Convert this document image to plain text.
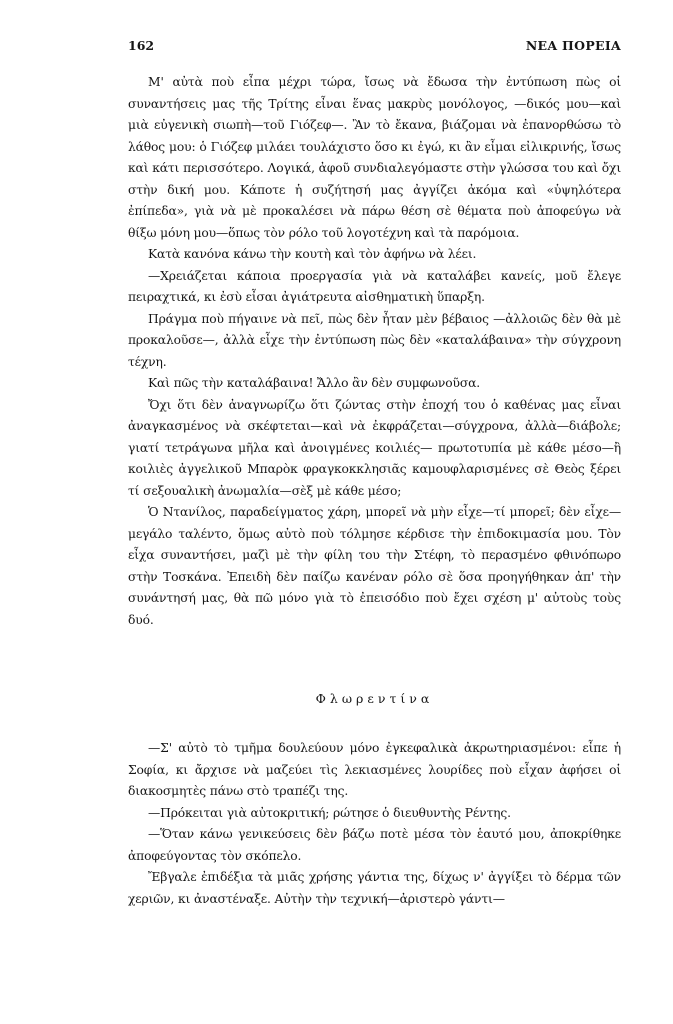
162	ΝΕΑ ΠΟΡΕΙΑ

Μ' αὐτὰ ποὺ εἶπα μέχρι τώρα, ἴσως νὰ ἔδωσα τὴν ἐντύπωση πὼς οἱ συναντήσεις μας τῆς Τρίτης εἶναι ἕνας μακρὺς μονόλογος, —δικός μου—καὶ μιὰ εὐγενικὴ σιωπὴ—τοῦ Γιόζεφ—. Ἂν τὸ ἔκανα, βιάζομαι νὰ ἐπανορθώσω τὸ λάθος μου: ὁ Γιόζεφ μιλάει τουλάχιστο ὅσο κι ἐγώ, κι ἂν εἶμαι εἰλικρινής, ἴσως καὶ κάτι περισσότερο. Λογικά, ἀφοῦ συνδιαλεγόμαστε στὴν γλώσσα του καὶ ὄχι στὴν δική μου. Κάποτε ἡ συζήτησή μας ἀγγίζει ἀκόμα καὶ «ὑψηλότερα ἐπίπεδα», γιὰ νὰ μὲ προκαλέσει νὰ πάρω θέση σὲ θέματα ποὺ ἀποφεύγω νὰ θίξω μόνη μου—ὅπως τὸν ρόλο τοῦ λογοτέχνη καὶ τὰ παρόμοια.

Κατὰ κανόνα κάνω τὴν κουτὴ καὶ τὸν ἀφήνω νὰ λέει.

—Χρειάζεται κάποια προεργασία γιὰ νὰ καταλάβει κανείς, μοῦ ἔλεγε πειραχτικά, κι ἐσὺ εἶσαι ἀγιάτρευτα αἰσθηματικὴ ὕπαρξη.

Πράγμα ποὺ πήγαινε νὰ πεῖ, πὼς δὲν ἦταν μὲν βέβαιος —ἀλλοιῶς δὲν θὰ μὲ προκαλοῦσε—, ἀλλὰ εἶχε τὴν ἐντύπωση πὼς δὲν «καταλάβαινα» τὴν σύγχρονη τέχνη.

Καὶ πῶς τὴν καταλάβαινα! Ἄλλο ἂν δὲν συμφωνοῦσα.

Ὄχι ὅτι δὲν ἀναγνωρίζω ὅτι ζώντας στὴν ἐποχή του ὁ καθένας μας εἶναι ἀναγκασμένος νὰ σκέφτεται—καὶ νὰ ἐκφράζεται—σύγχρονα, ἀλλὰ—διάβολε; γιατί τετράγωνα μῆλα καὶ ἀνοιγμένες κοιλιές— πρωτοτυπία μὲ κάθε μέσο—ἢ κοιλιὲς ἀγγελικοῦ Μπαρὸκ φραγκοκκλησιᾶς καμουφλαρισμένες σὲ Θεὸς ξέρει τί σεξουαλικὴ ἀνωμαλία—σὲξ μὲ κάθε μέσο;

Ὁ Ντανίλος, παραδείγματος χάρη, μπορεῖ νὰ μὴν εἶχε—τί μπορεῖ; δὲν εἶχε—μεγάλο ταλέντο, ὅμως αὐτὸ ποὺ τόλμησε κέρδισε τὴν ἐπιδοκιμασία μου. Τὸν εἶχα συναντήσει, μαζὶ μὲ τὴν φίλη του τὴν Στέφη, τὸ περασμένο φθινόπωρο στὴν Τοσκάνα. Ἐπειδὴ δὲν παίζω κανέναν ρόλο σὲ ὅσα προηγήθηκαν ἀπ' τὴν συνάντησή μας, θὰ πῶ μόνο γιὰ τὸ ἐπεισόδιο ποὺ ἔχει σχέση μ' αὐτοὺς τοὺς δυό.

Φλωρεντίνα

—Σ' αὐτὸ τὸ τμῆμα δουλεύουν μόνο ἐγκεφαλικὰ ἀκρωτηριασμένοι: εἶπε ἡ Σοφία, κι ἄρχισε νὰ μαζεύει τὶς λεκιασμένες λουρίδες ποὺ εἶχαν ἀφήσει οἱ διακοσμητὲς πάνω στὸ τραπέζι της.

—Πρόκειται γιὰ αὐτοκριτική; ρώτησε ὁ διευθυντὴς Ρέντης.

—Ὅταν κάνω γενικεύσεις δὲν βάζω ποτὲ μέσα τὸν ἑαυτό μου, ἀποκρίθηκε ἀποφεύγοντας τὸν σκόπελο.

Ἔβγαλε ἐπιδέξια τὰ μιᾶς χρήσης γάντια της, δίχως ν' ἀγγίξει τὸ δέρμα τῶν χεριῶν, κι ἀναστέναξε. Αὐτὴν τὴν τεχνική—ἀριστερὸ γάντι—
